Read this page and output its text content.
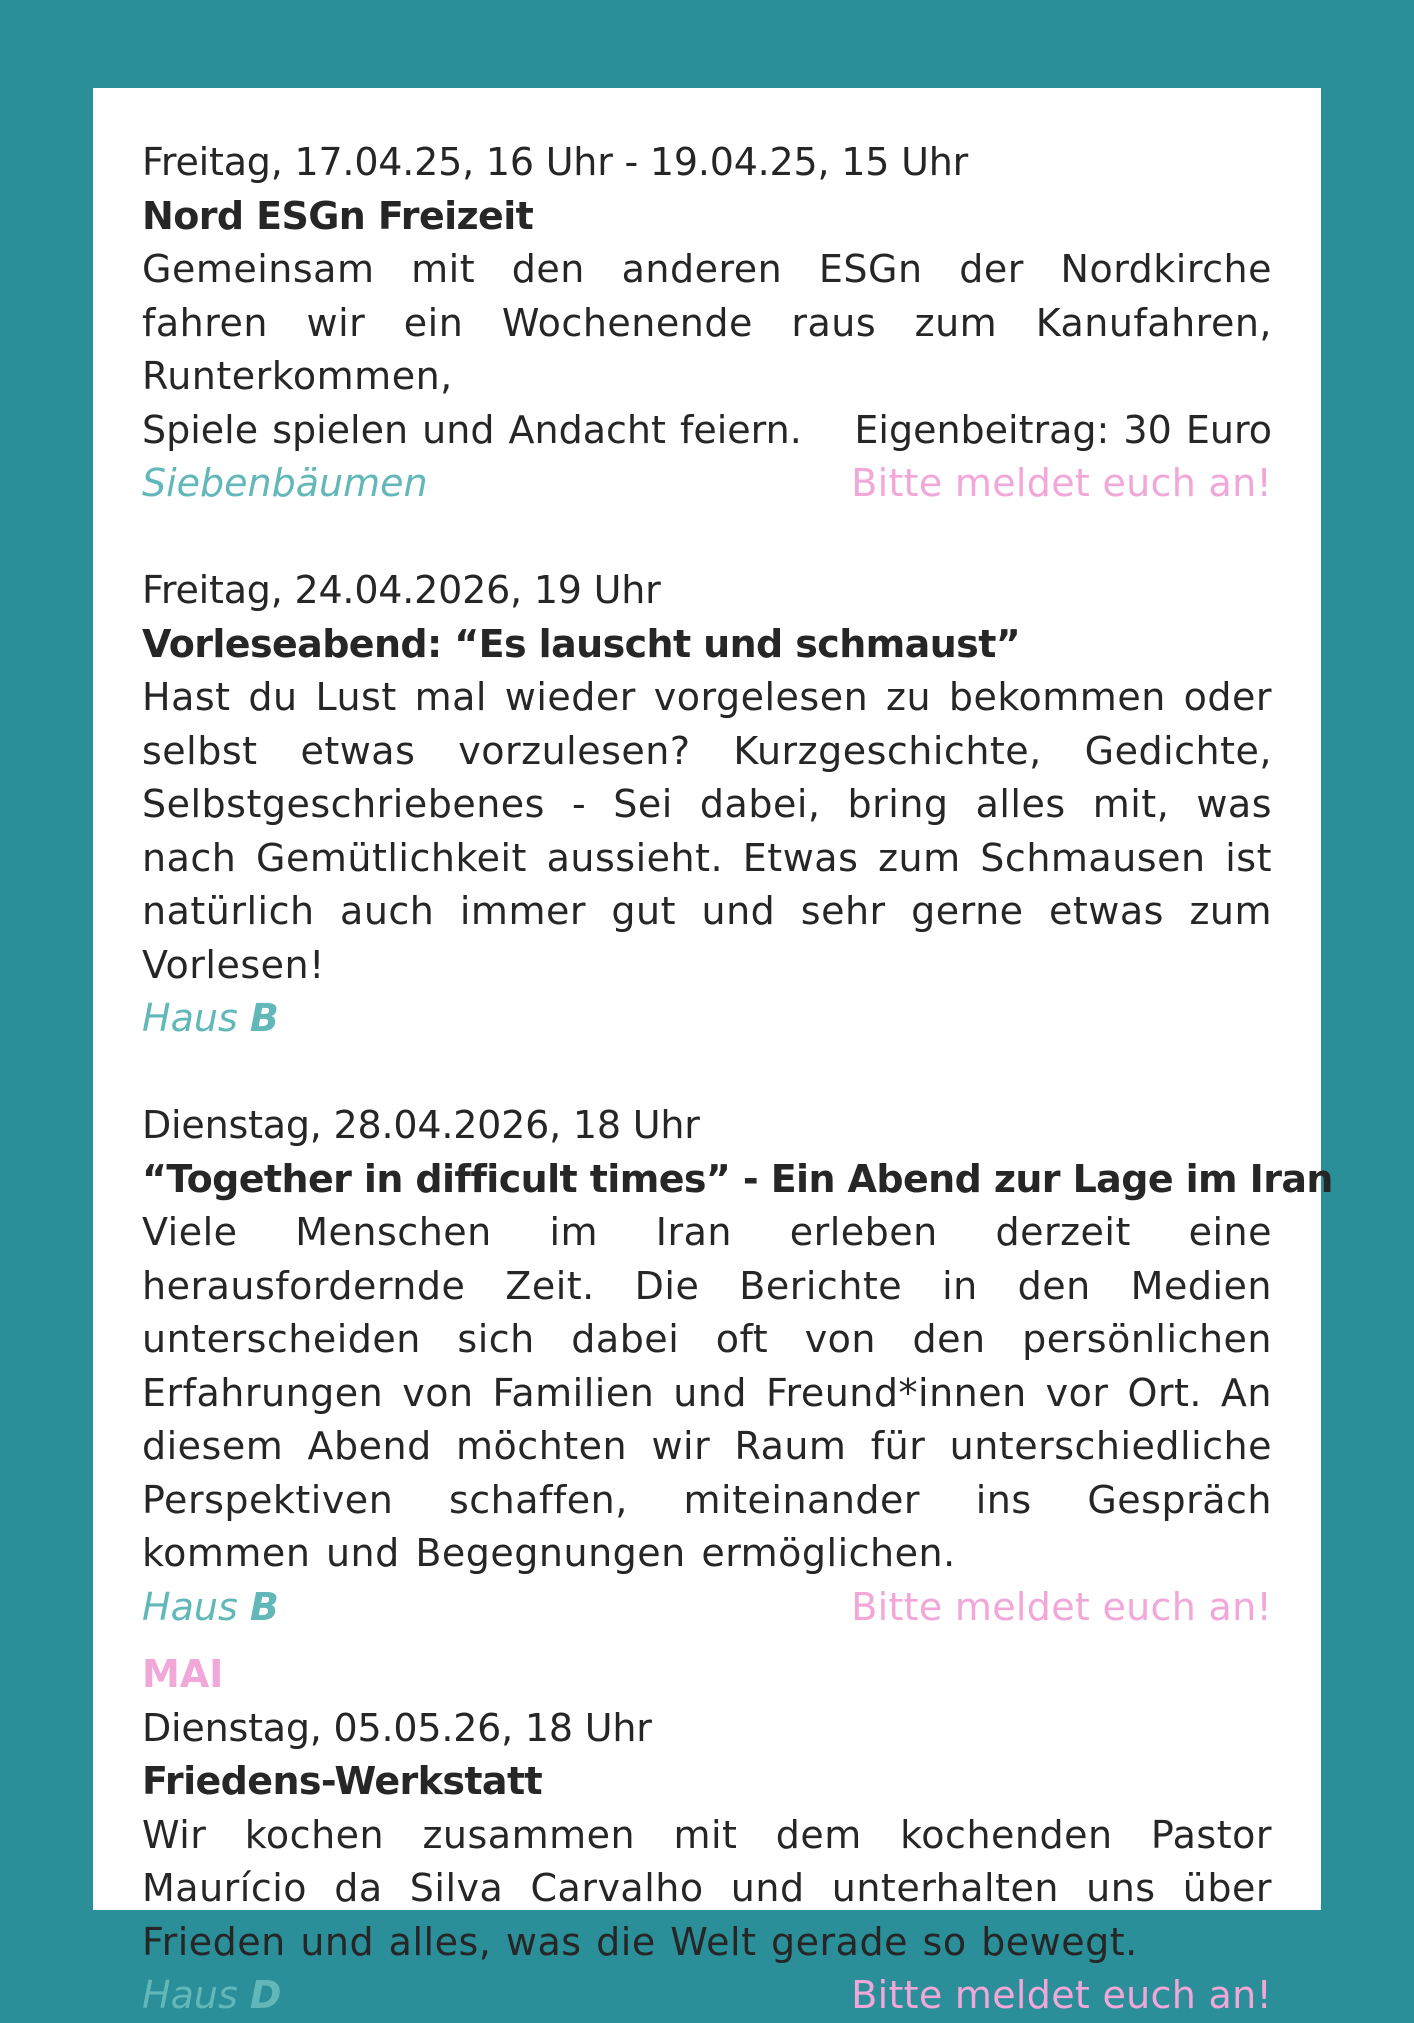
Freitag, 17.04.25, 16 Uhr - 19.04.25, 15 Uhr
Nord ESGn Freizeit
Gemeinsam mit den anderen ESGn der Nordkirche fahren wir ein Wochenende raus zum Kanufahren, Runterkommen,
Spiele spielen und Andacht feiern. Eigenbeitrag: 30 Euro
Siebenbäumen	Bitte meldet euch an!
Freitag, 24.04.2026, 19 Uhr
Vorleseabend: “Es lauscht und schmaust”
Hast du Lust mal wieder vorgelesen zu bekommen oder selbst etwas vorzulesen? Kurzgeschichte, Gedichte, Selbstgeschriebenes - Sei dabei, bring alles mit, was nach Gemütlichkeit aussieht. Etwas zum Schmausen ist natürlich auch immer gut und sehr gerne etwas zum Vorlesen!
Haus B
Dienstag, 28.04.2026, 18 Uhr
“Together in difficult times” - Ein Abend zur Lage im Iran
Viele Menschen im Iran erleben derzeit eine herausfordernde Zeit. Die Berichte in den Medien unterscheiden sich dabei oft von den persönlichen Erfahrungen von Familien und Freund*innen vor Ort. An diesem Abend möchten wir Raum für unterschiedliche Perspektiven schaffen, miteinander ins Gespräch kommen und Begegnungen ermöglichen.
Haus B	Bitte meldet euch an!
MAI
Dienstag, 05.05.26, 18 Uhr
Friedens-Werkstatt
Wir kochen zusammen mit dem kochenden Pastor Maurício da Silva Carvalho und unterhalten uns über Frieden und alles, was die Welt gerade so bewegt.
Haus D	Bitte meldet euch an!
